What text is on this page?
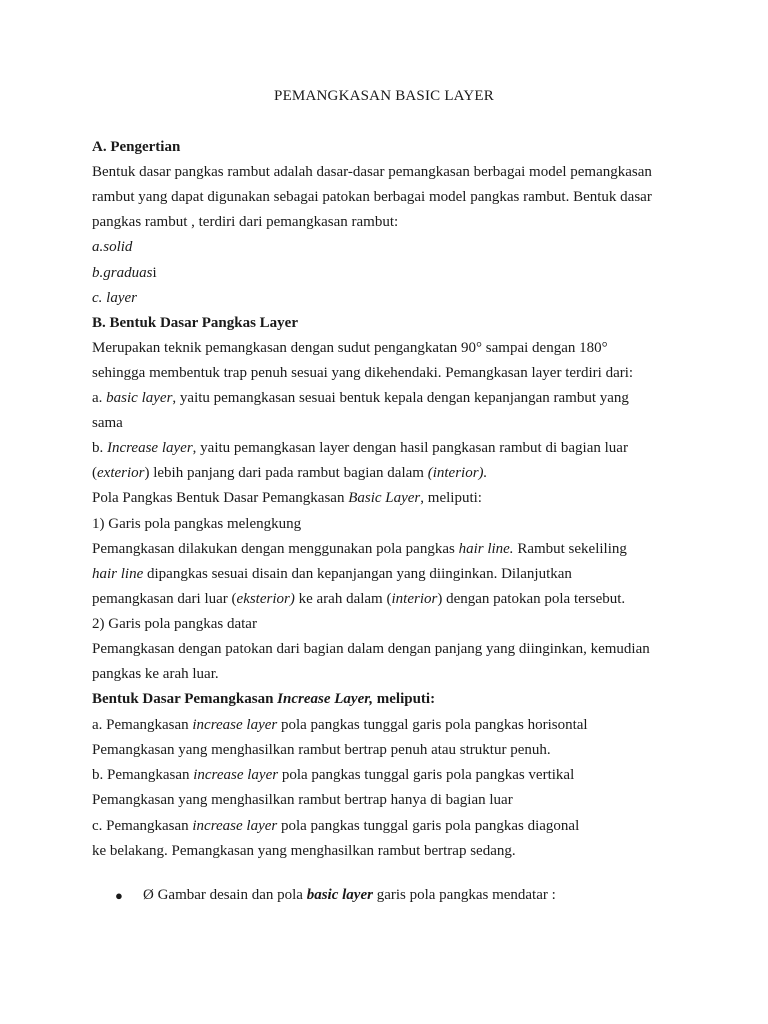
PEMANGKASAN BASIC LAYER
A. Pengertian
Bentuk dasar pangkas rambut adalah dasar-dasar pemangkasan berbagai model pemangkasan
rambut yang dapat digunakan sebagai patokan berbagai model pangkas rambut. Bentuk dasar
pangkas rambut , terdiri dari pemangkasan rambut:
a.solid
b.graduasi
c. layer
B. Bentuk Dasar Pangkas Layer
Merupakan teknik pemangkasan dengan sudut pengangkatan 90° sampai dengan 180°
sehingga membentuk trap penuh sesuai yang dikehendaki. Pemangkasan layer terdiri dari:
a. basic layer, yaitu pemangkasan sesuai bentuk kepala dengan kepanjangan rambut yang
sama
b. Increase layer, yaitu pemangkasan layer dengan hasil pangkasan rambut di bagian luar
(exterior) lebih panjang dari pada rambut bagian dalam (interior).
Pola Pangkas Bentuk Dasar Pemangkasan Basic Layer, meliputi:
1) Garis pola pangkas melengkung
Pemangkasan dilakukan dengan menggunakan pola pangkas hair line. Rambut sekeliling
hair line dipangkas sesuai disain dan kepanjangan yang diinginkan. Dilanjutkan
pemangkasan dari luar (eksterior) ke arah dalam (interior) dengan patokan pola tersebut.
2) Garis pola pangkas datar
Pemangkasan dengan patokan dari bagian dalam dengan panjang yang diinginkan, kemudian
pangkas ke arah luar.
Bentuk Dasar Pemangkasan Increase Layer, meliputi:
a. Pemangkasan increase layer pola pangkas tunggal garis pola pangkas horisontal
Pemangkasan yang menghasilkan rambut bertrap penuh atau struktur penuh.
b. Pemangkasan increase layer pola pangkas tunggal garis pola pangkas vertikal
Pemangkasan yang menghasilkan rambut bertrap hanya di bagian luar
c. Pemangkasan increase layer pola pangkas tunggal garis pola pangkas diagonal
ke belakang. Pemangkasan yang menghasilkan rambut bertrap sedang.
● Ø Gambar desain dan pola basic layer garis pola pangkas mendatar :
